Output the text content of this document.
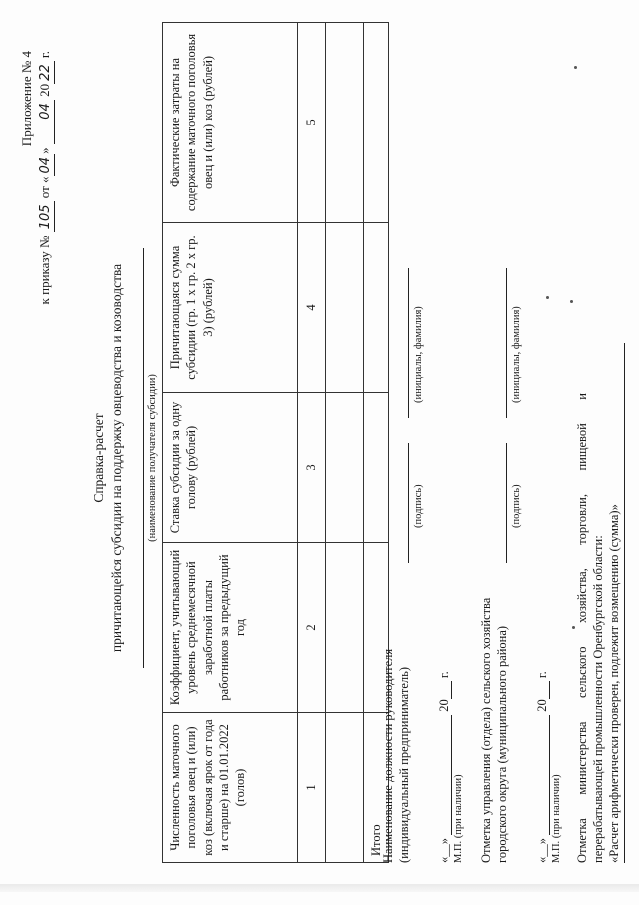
Приложение № 4
к приказу № 105 от «04» 04 2022 г.
Справка-расчет причитающейся субсидии на поддержку овцеводства и козоводства (наименование получателя субсидии)
Численность маточного поголовья овец и (или) коз (включая ярок от года и старше) на 01.01.2022 (голов)	Коэффициент, учитывающий уровень среднемесячной заработной платы работников за предыдущий год	Ставка субсидии за одну голову (рублей)	Причитающаяся сумма субсидии (гр. 1 х гр. 2 х гр. 3) (рублей)	Фактические затраты на содержание маточного поголовья овец и (или) коз (рублей)
1	2	3	4	5

Итого				
Наименование должности руководителя (индивидуальный предприниматель)
(подпись)
(инициалы, фамилия)
«__»  20 г.
М.П. (при наличии) Отметка управления (отдела) сельского хозяйства городского округа (муниципального района)
(подпись)
(инициалы, фамилия)
«__»  20 г.
М.П. (при наличии) Отметка министерства сельского хозяйства, торговли, пищевой и перерабатывающей промышленности Оренбургской области: «Расчет арифметически проверен, подлежит возмещению (сумма)»
